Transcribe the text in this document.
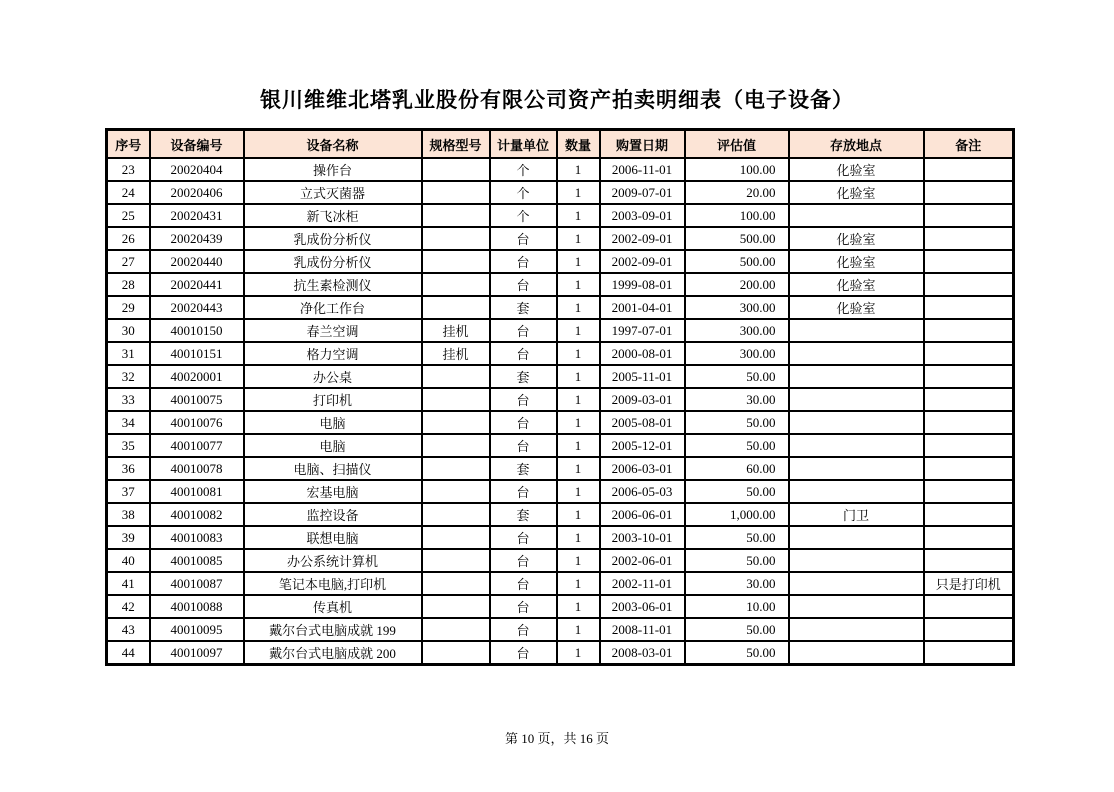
银川维维北塔乳业股份有限公司资产拍卖明细表（电子设备）
序号	设备编号	设备名称	规格型号	计量单位	数量	购置日期	评估值	存放地点	备注
23	20020404	操作台		个	1	2006-11-01	100.00	化验室	
24	20020406	立式灭菌器		个	1	2009-07-01	20.00	化验室	
25	20020431	新飞冰柜		个	1	2003-09-01	100.00		
26	20020439	乳成份分析仪		台	1	2002-09-01	500.00	化验室	
27	20020440	乳成份分析仪		台	1	2002-09-01	500.00	化验室	
28	20020441	抗生素检测仪		台	1	1999-08-01	200.00	化验室	
29	20020443	净化工作台		套	1	2001-04-01	300.00	化验室	
30	40010150	春兰空调	挂机	台	1	1997-07-01	300.00		
31	40010151	格力空调	挂机	台	1	2000-08-01	300.00		
32	40020001	办公桌		套	1	2005-11-01	50.00		
33	40010075	打印机		台	1	2009-03-01	30.00		
34	40010076	电脑		台	1	2005-08-01	50.00		
35	40010077	电脑		台	1	2005-12-01	50.00		
36	40010078	电脑、扫描仪		套	1	2006-03-01	60.00		
37	40010081	宏基电脑		台	1	2006-05-03	50.00		
38	40010082	监控设备		套	1	2006-06-01	1,000.00	门卫	
39	40010083	联想电脑		台	1	2003-10-01	50.00		
40	40010085	办公系统计算机		台	1	2002-06-01	50.00		
41	40010087	笔记本电脑,打印机		台	1	2002-11-01	30.00		只是打印机
42	40010088	传真机		台	1	2003-06-01	10.00		
43	40010095	戴尔台式电脑成就 199		台	1	2008-11-01	50.00		
44	40010097	戴尔台式电脑成就 200		台	1	2008-03-01	50.00		
第 10 页，共 16 页
